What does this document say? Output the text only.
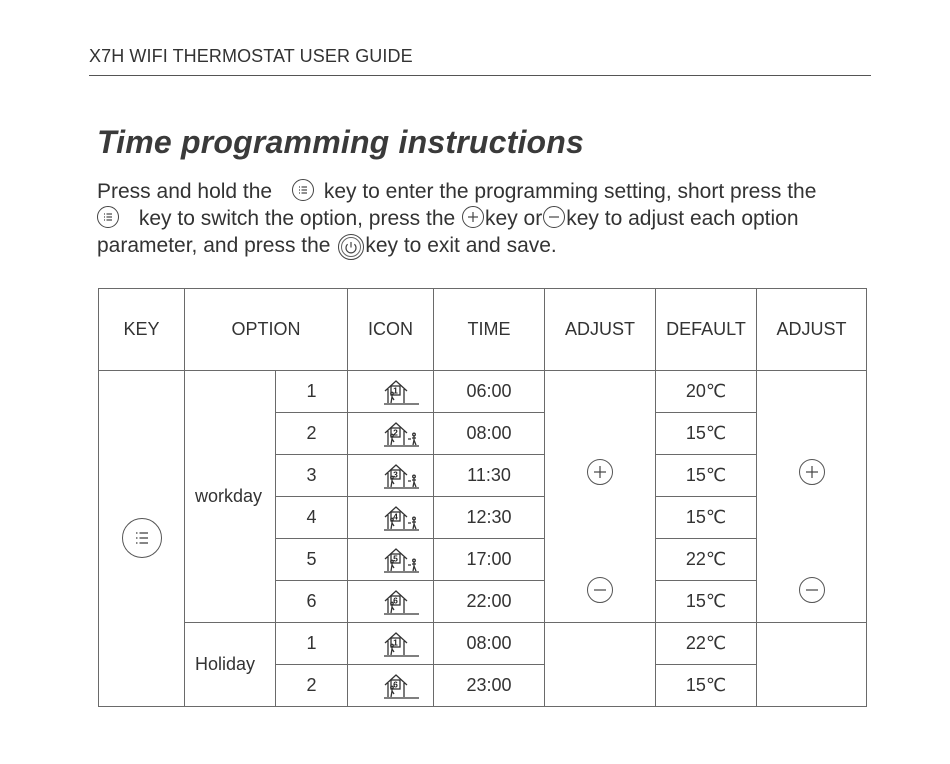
X7H WIFI THERMOSTAT USER GUIDE
Time programming instructions

Press and hold the key to enter the programming setting, short press the
key to switch the option, press the key or key to adjust each option
parameter, and press the key to exit and save.

KEY	OPTION		ICON	TIME	ADJUST	DEFAULT	ADJUST

	workday	1	1	06:00		20℃	

		2	2	08:00		15℃	
		3	3	11:30		15℃	
		4	4	12:30		15℃	
		5	5	17:00		22℃	
		6	6	22:00		15℃	
	Holiday	1	1	08:00		22℃	
		2	6	23:00		15℃	
